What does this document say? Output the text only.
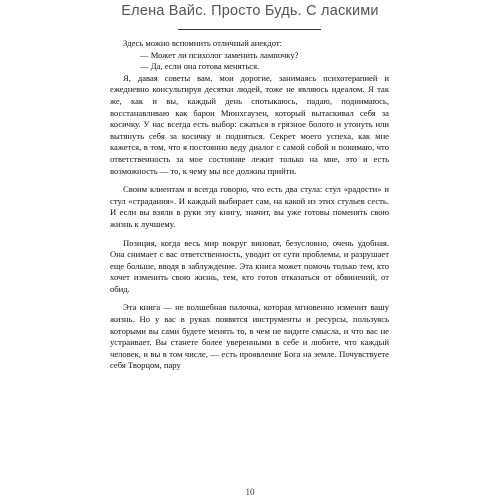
Елена Вайс. Просто Будь. С ласкими
Здесь можно вспомнить отличный анекдот:
— Может ли психолог заменить лампочку?
— Да, если она готова меняться.

Я, давая советы вам, мои дорогие, занимаясь психотерапией и ежедневно консультируя десятки людей, тоже не являюсь идеалом. Я так же, как и вы, каждый день спотыкаюсь, падаю, поднимаюсь, восстанавливаю как барон Мюнхгаузен, который вытаскивал себя за косичку. У нас всегда есть выбор: сжаться в грязное болото и утонуть или вытянуть себя за косичку и подняться. Секрет моего успеха, как мне кажется, в том, что я постоянно веду диалог с самой собой и понимаю, что ответственность за мое состояние лежит только на мне, это и есть возможность — то, к чему мы все должны прийти.

Своим клиентам я всегда говорю, что есть два стула: стул «радости» и стул «страдания». И каждый выбирает сам, на какой из этих стульев сесть. И если вы взяли в руки эту книгу, значит, вы уже готовы поменять свою жизнь к лучшему.

Позиция, когда весь мир вокруг виноват, безусловно, очень удобная. Она снимает с вас ответственность, уводит от сути проблемы, и разрушает еще больше, вводя в заблуждение. Эта книга может помочь только тем, кто хочет изменить свою жизнь, тем, кто готов отказаться от обвинений, от обид.

Эта книга — не волшебная палочка, которая мгновенно изменит вашу жизнь. Но у вас в руках появятся инструменты и ресурсы, пользуясь которыми вы сами будете менять то, в чем не видите смысла, и что вас не устраивает. Вы станете более уверенными в себе и любите, что каждый человек, и вы в том числе, — есть проявление Бога на земле. Почувствуете себя Творцом, пару

10
